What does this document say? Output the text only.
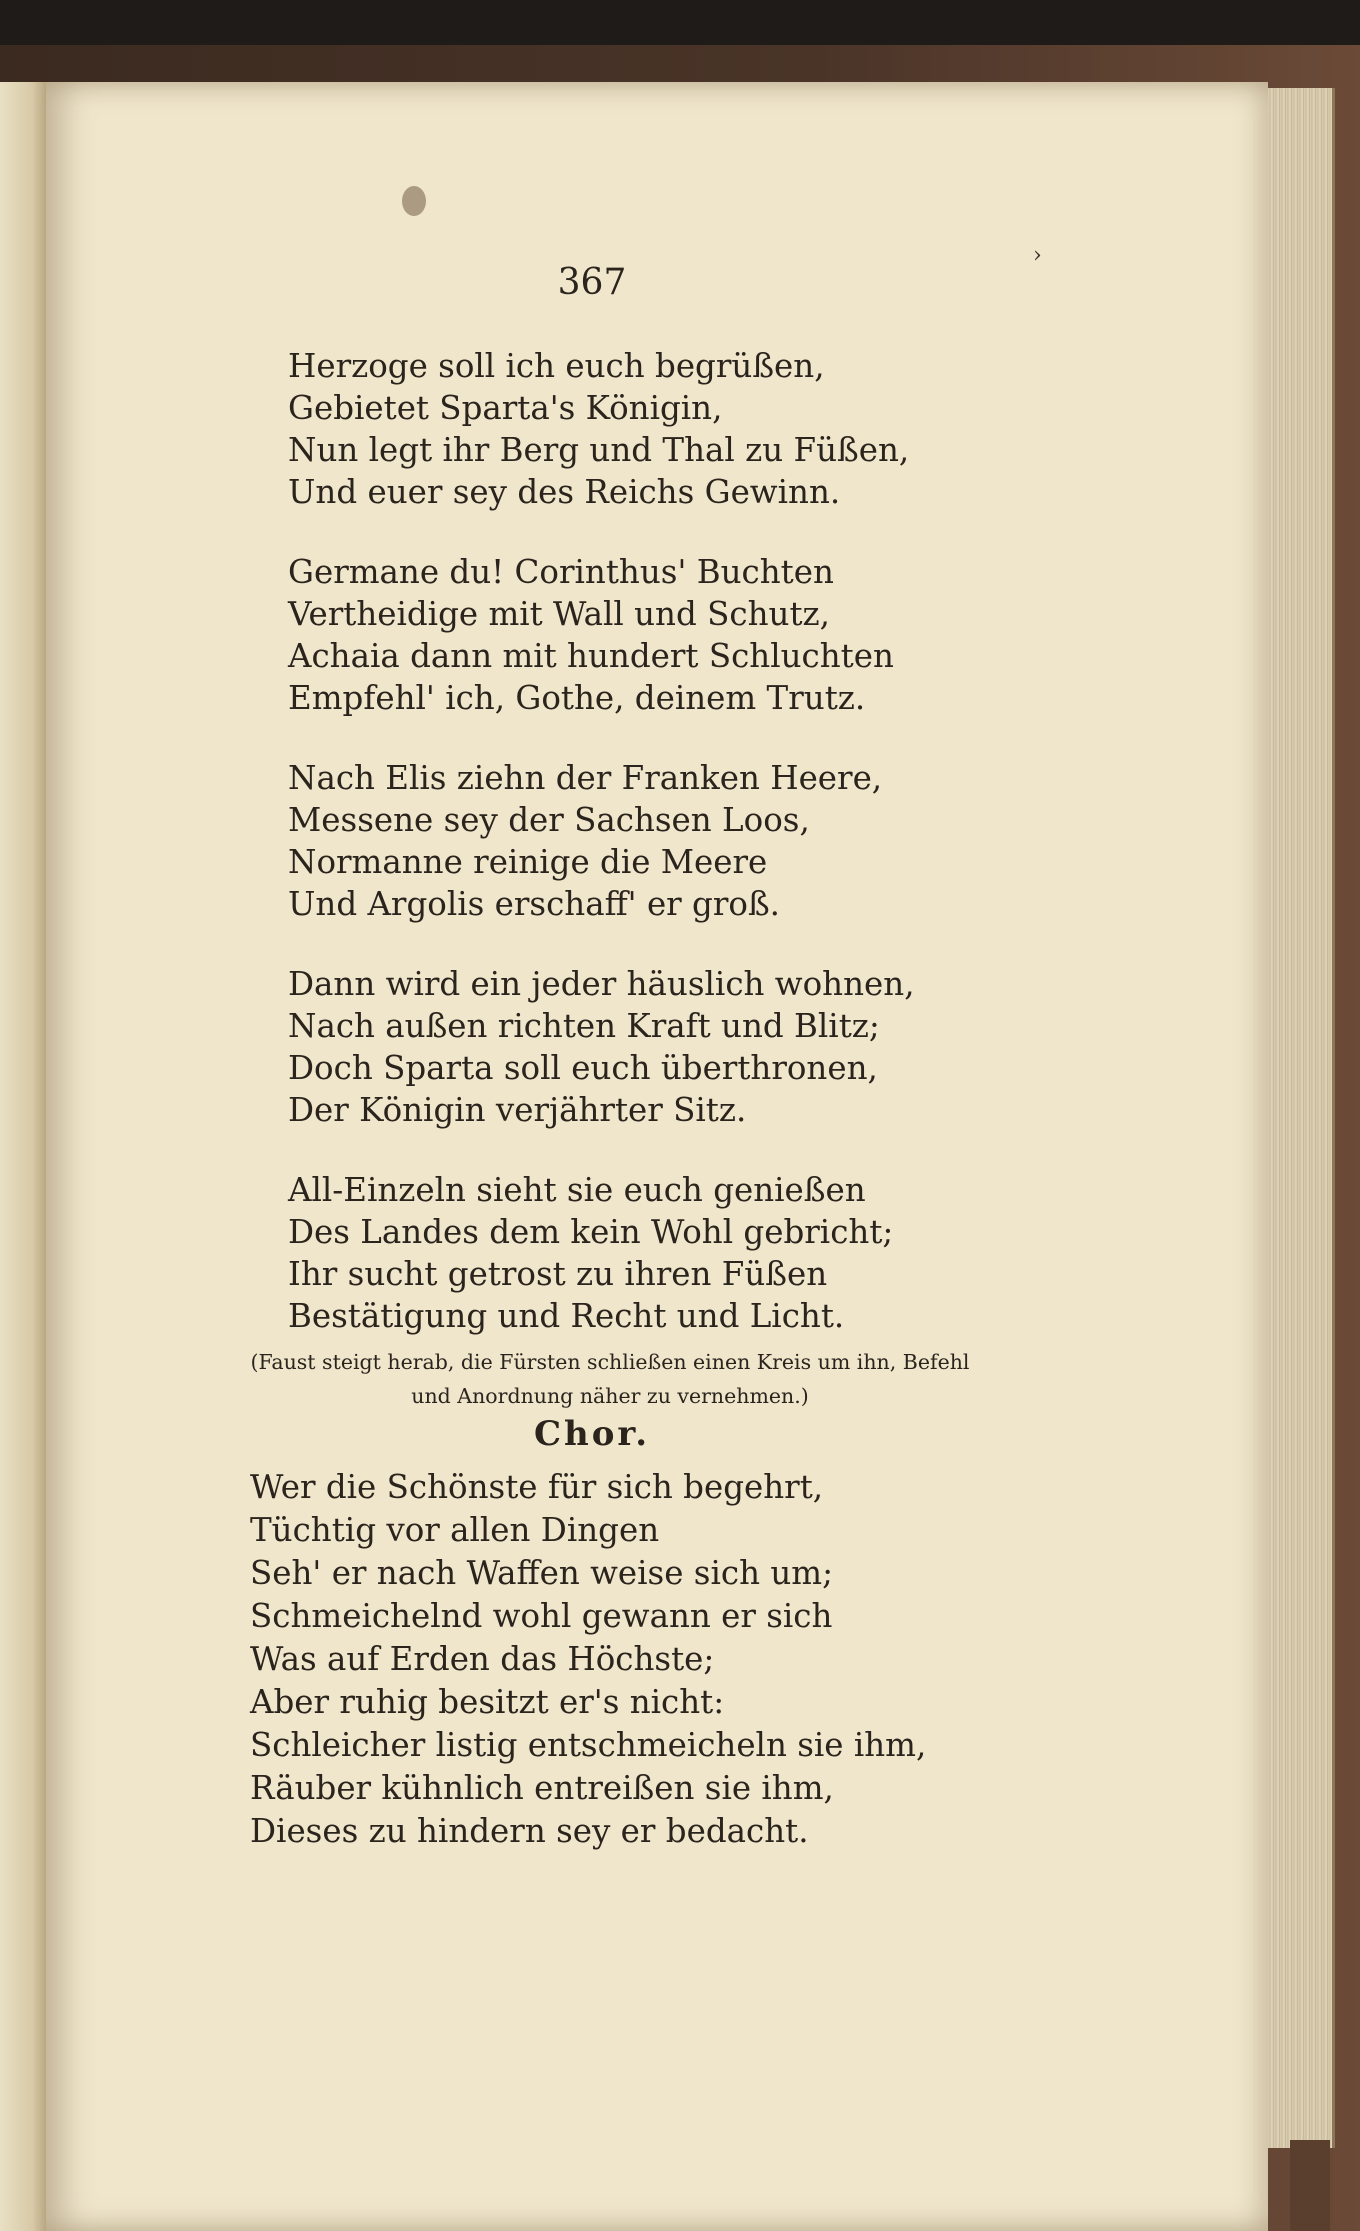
›
367
Herzoge soll ich euch begrüßen,
Gebietet Sparta's Königin,
Nun legt ihr Berg und Thal zu Füßen,
Und euer sey des Reichs Gewinn.
Germane du! Corinthus' Buchten
Vertheidige mit Wall und Schutz,
Achaia dann mit hundert Schluchten
Empfehl' ich, Gothe, deinem Trutz.
Nach Elis ziehn der Franken Heere,
Messene sey der Sachsen Loos,
Normanne reinige die Meere
Und Argolis erschaff' er groß.
Dann wird ein jeder häuslich wohnen,
Nach außen richten Kraft und Blitz;
Doch Sparta soll euch überthronen,
Der Königin verjährter Sitz.
All-Einzeln sieht sie euch genießen
Des Landes dem kein Wohl gebricht;
Ihr sucht getrost zu ihren Füßen
Bestätigung und Recht und Licht.
(Faust steigt herab, die Fürsten schließen einen Kreis um ihn, Befehl
und Anordnung näher zu vernehmen.)
Chor.
Wer die Schönste für sich begehrt,
Tüchtig vor allen Dingen
Seh' er nach Waffen weise sich um;
Schmeichelnd wohl gewann er sich
Was auf Erden das Höchste;
Aber ruhig besitzt er's nicht:
Schleicher listig entschmeicheln sie ihm,
Räuber kühnlich entreißen sie ihm,
Dieses zu hindern sey er bedacht.
